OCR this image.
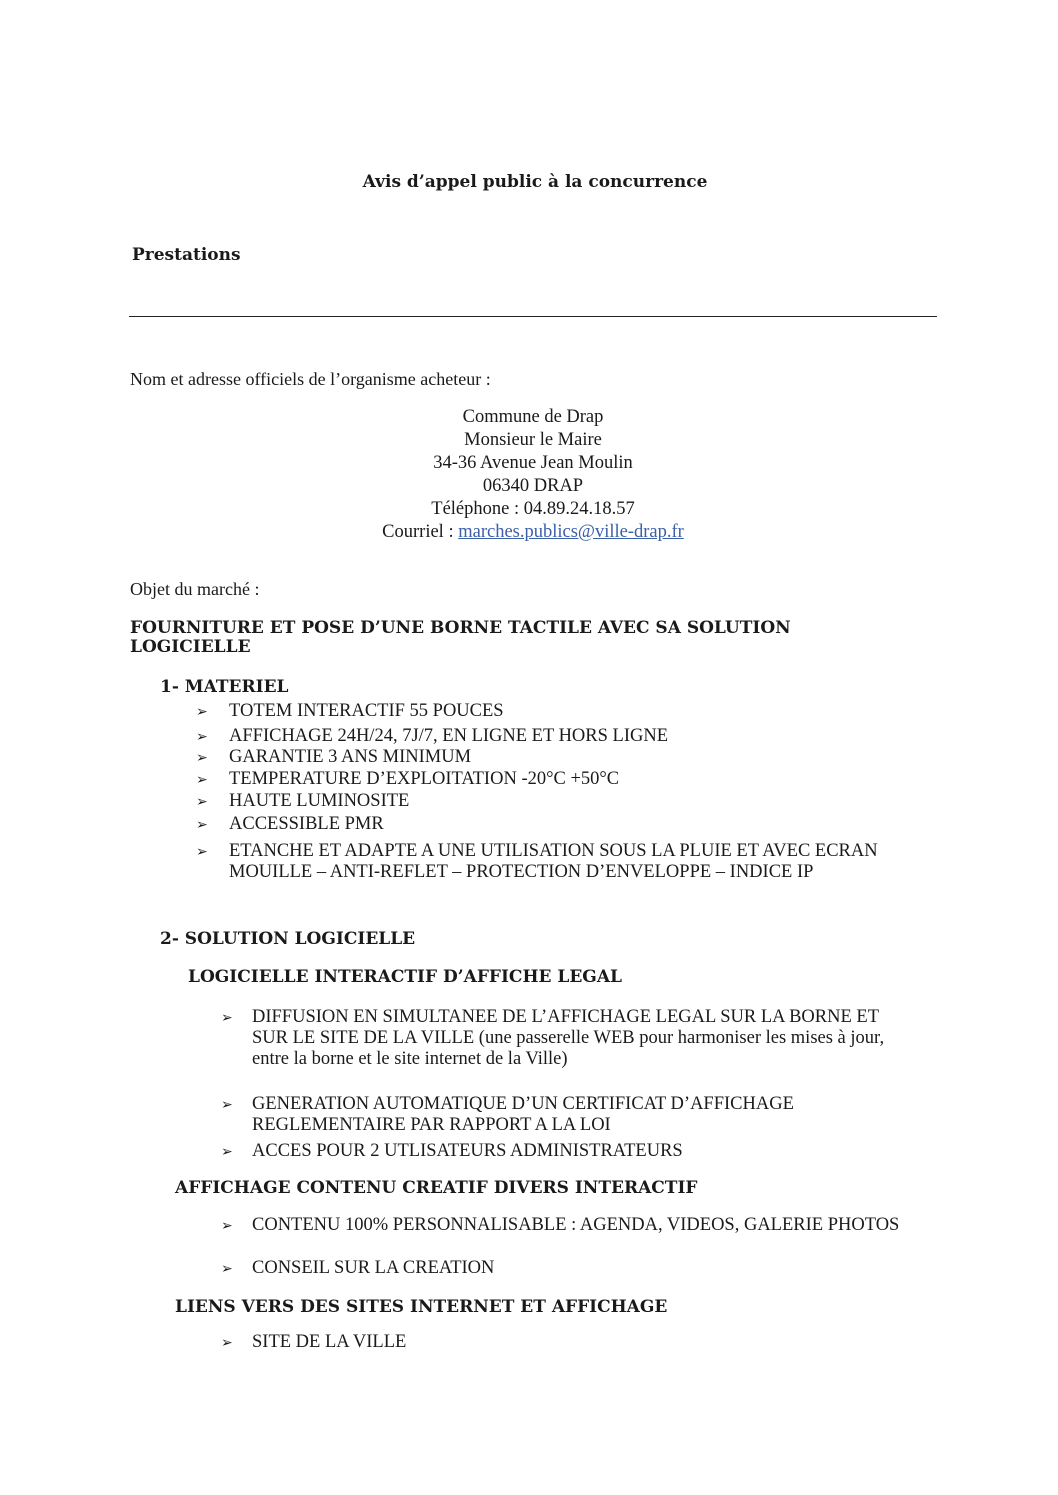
Avis d’appel public à la concurrence
Prestations
Nom et adresse officiels de l’organisme acheteur :
Commune de Drap
Monsieur le Maire
34-36 Avenue Jean Moulin
06340 DRAP
Téléphone : 04.89.24.18.57
Courriel : marches.publics@ville-drap.fr
Objet du marché :
FOURNITURE ET POSE D’UNE BORNE TACTILE AVEC SA SOLUTION LOGICIELLE
1- MATERIEL
➢ TOTEM INTERACTIF 55 POUCES
➢ AFFICHAGE 24H/24, 7J/7, EN LIGNE ET HORS LIGNE
➢ GARANTIE 3 ANS MINIMUM
➢ TEMPERATURE D’EXPLOITATION -20°C +50°C
➢ HAUTE LUMINOSITE
➢ ACCESSIBLE PMR
➢ ETANCHE ET ADAPTE A UNE UTILISATION SOUS LA PLUIE ET AVEC ECRAN MOUILLE – ANTI-REFLET – PROTECTION D’ENVELOPPE – INDICE IP
2- SOLUTION LOGICIELLE
LOGICIELLE INTERACTIF D’AFFICHE LEGAL
➢ DIFFUSION EN SIMULTANEE DE L’AFFICHAGE LEGAL SUR LA BORNE ET SUR LE SITE DE LA VILLE (une passerelle WEB pour harmoniser les mises à jour, entre la borne et le site internet de la Ville)
➢ GENERATION AUTOMATIQUE D’UN CERTIFICAT D’AFFICHAGE REGLEMENTAIRE PAR RAPPORT A LA LOI
➢ ACCES POUR 2 UTLISATEURS ADMINISTRATEURS
AFFICHAGE CONTENU CREATIF DIVERS INTERACTIF
➢ CONTENU 100% PERSONNALISABLE : AGENDA, VIDEOS, GALERIE PHOTOS
➢ CONSEIL SUR LA CREATION
LIENS VERS DES SITES INTERNET ET AFFICHAGE
➢ SITE DE LA VILLE
